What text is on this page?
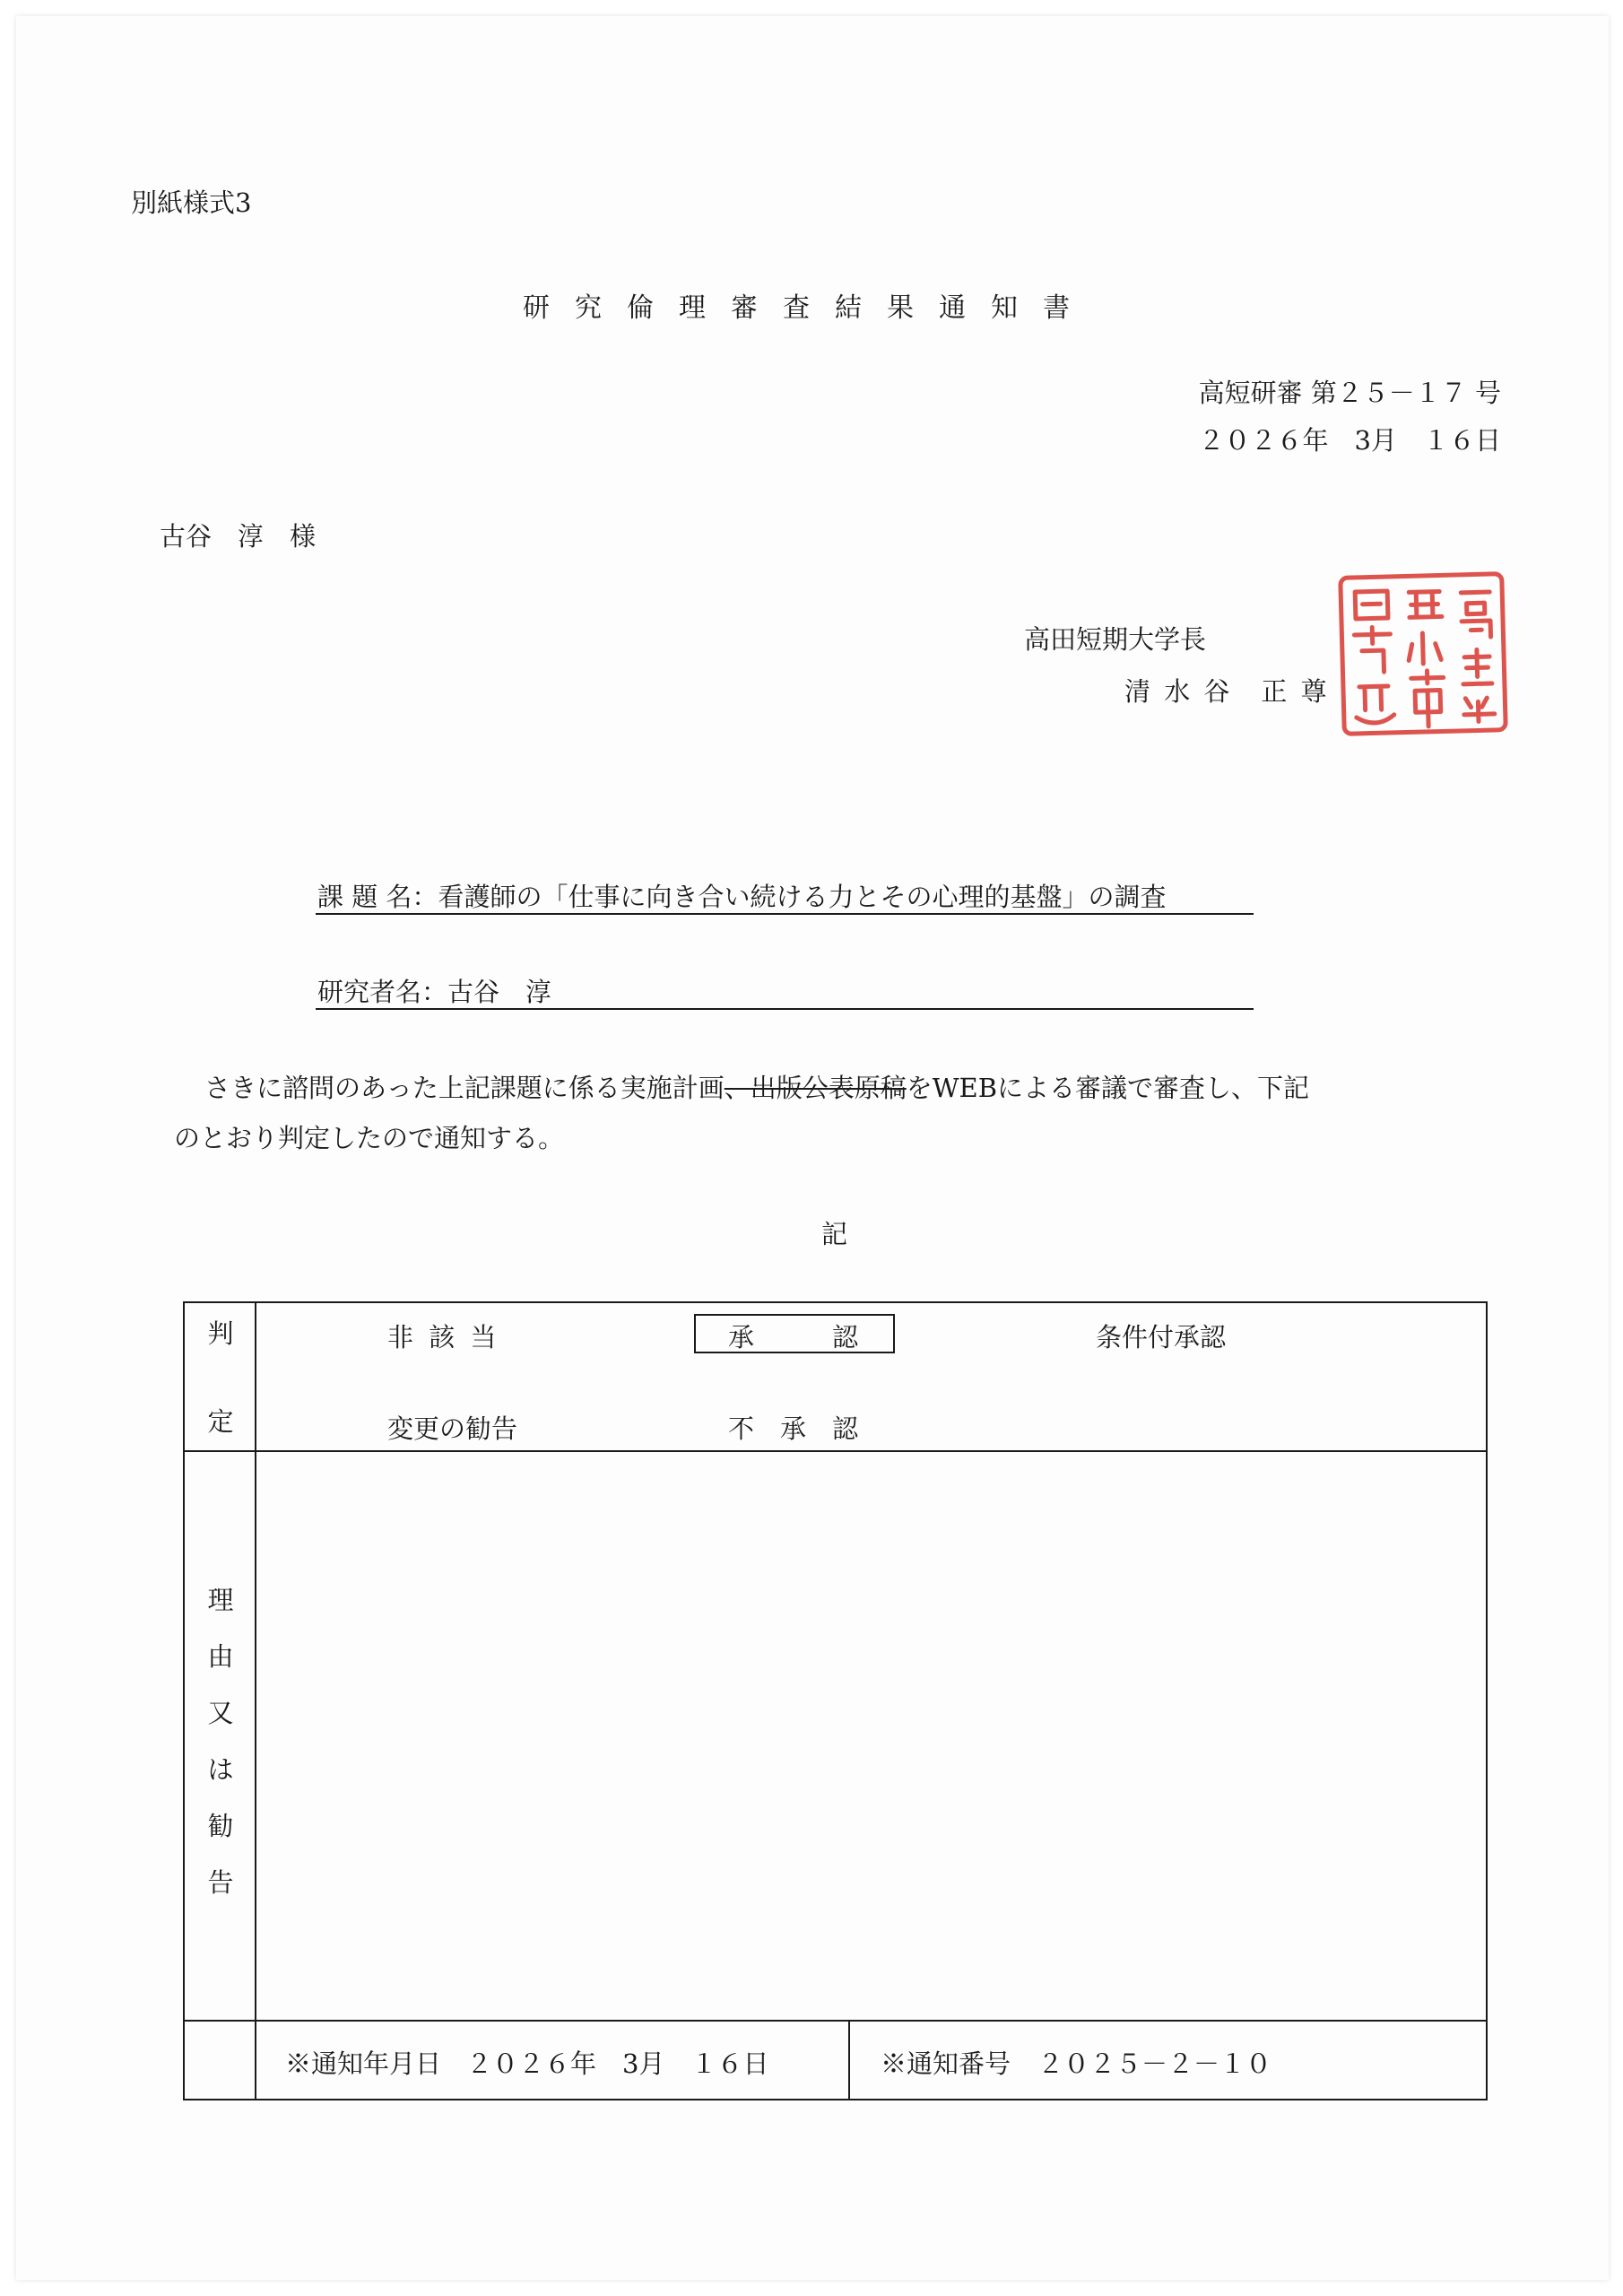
別紙様式3
研究倫理審査結果通知書
高短研審 第２５－１７ 号
２０２６年　3月　１６日
古谷　淳　様
高田短期大学長
清 水 谷　正 尊
課 題 名：看護師の「仕事に向き合い続ける力とその心理的基盤」の調査
研究者名：古谷　淳
さきに諮問のあった上記課題に係る実施計画、出版公表原稿をWEBによる審議で審査し、下記
のとおり判定したので通知する。
記
判
定
非 該 当	承　　　認	条件付承認
変更の勧告	不　承　認
理
由
又
は
勧
告
※通知年月日 ２０２６年　3月　１６日	※通知番号 ２０２５－２－１０
